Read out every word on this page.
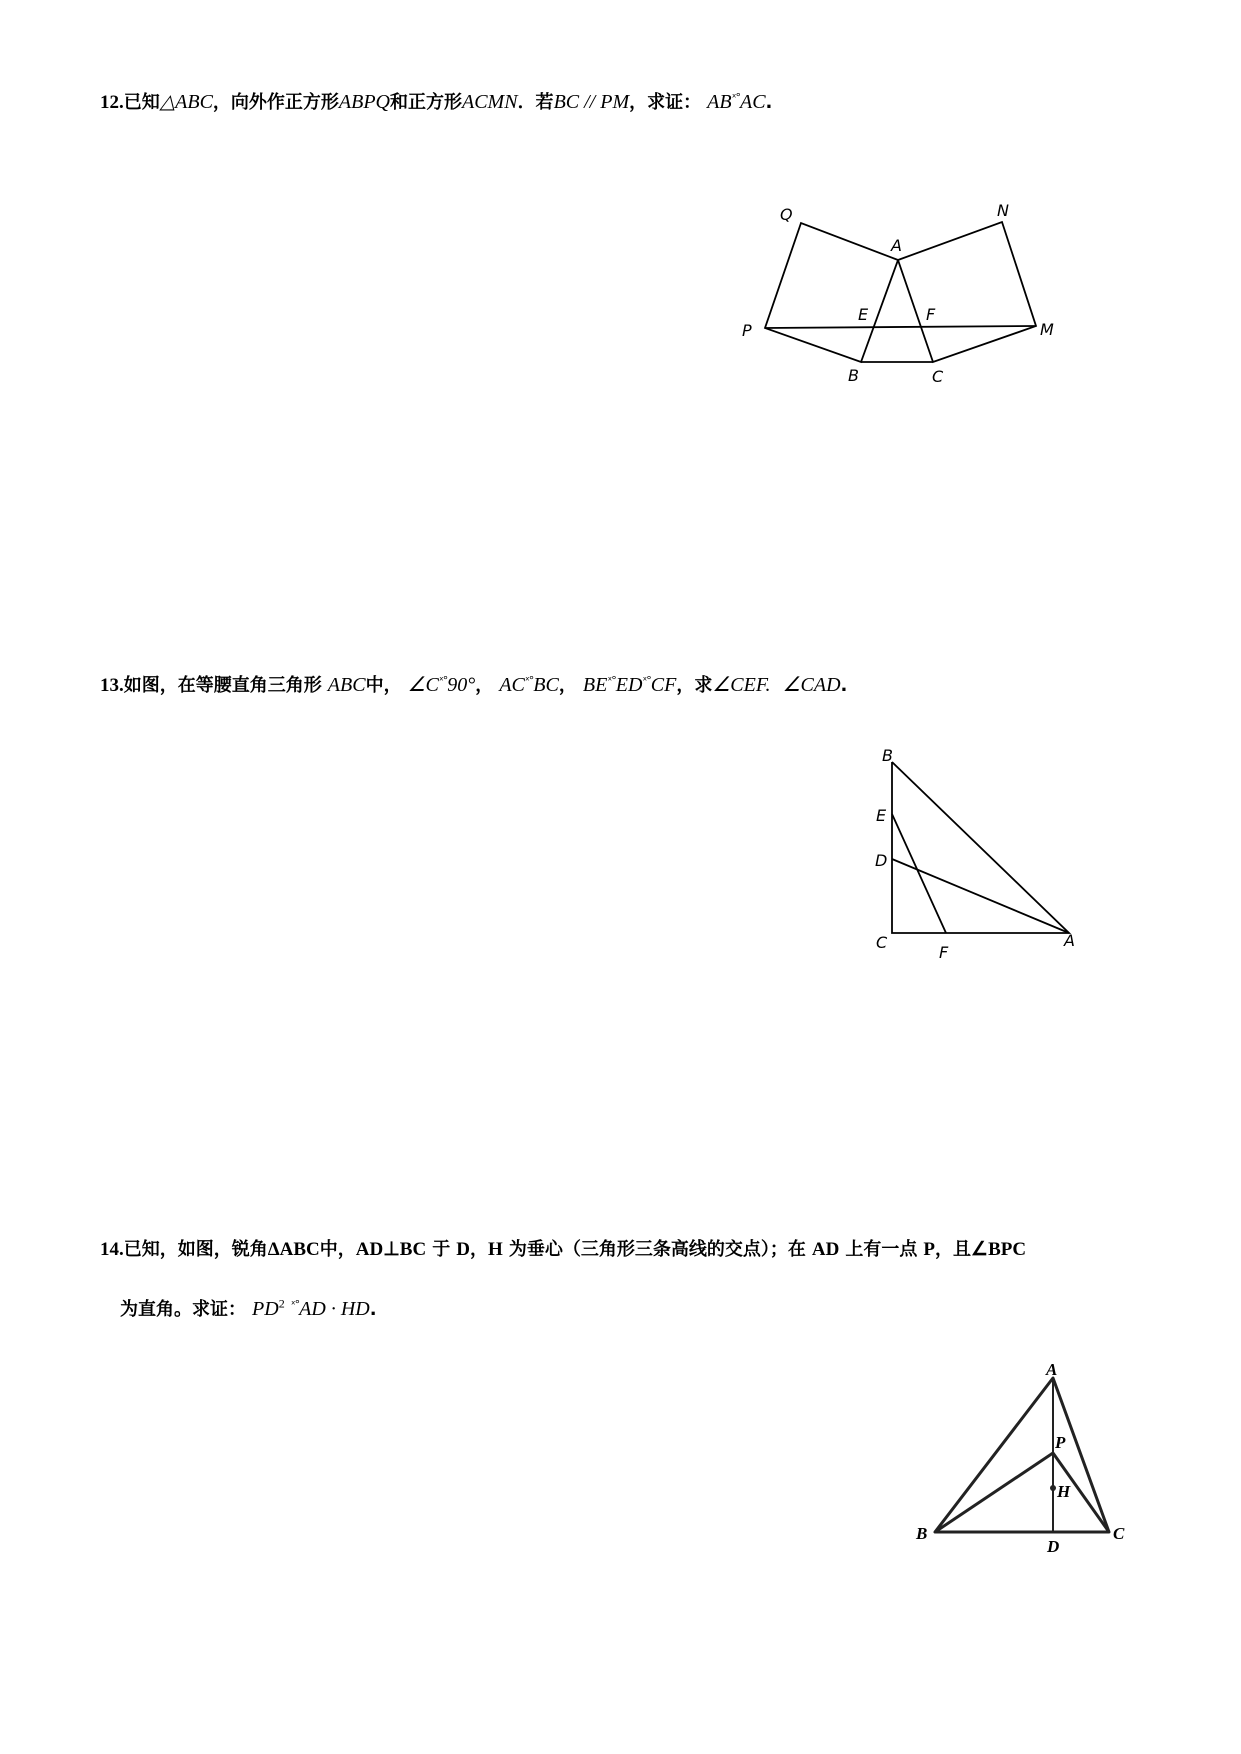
12.已知△ABC，向外作正方形ABPQ和正方形ACMN．若BC // PM，求证： $AB^{ˣ^\circ}AC$.
Q	N
A
E	F
P	M
B	C
13.如图，在等腰直角三角形 ABC中， $\angle C^{ˣ^\circ}90^\circ$， $AC^{ˣ^\circ}BC$， $BE^{ˣ^\circ}ED^{ˣ^\circ}CF$，求∠CEF. ∠CAD.
B
E
D
C
F
A
14.已知，如图，锐角ΔABC中，AD⊥BC 于 D，H 为垂心（三角形三条高线的交点）；在 AD 上有一点 P，且∠BPC
为直角。求证： $PD^2$ $^{ˣ^\circ}$AD · HD.
A
P
H
B
D
C
